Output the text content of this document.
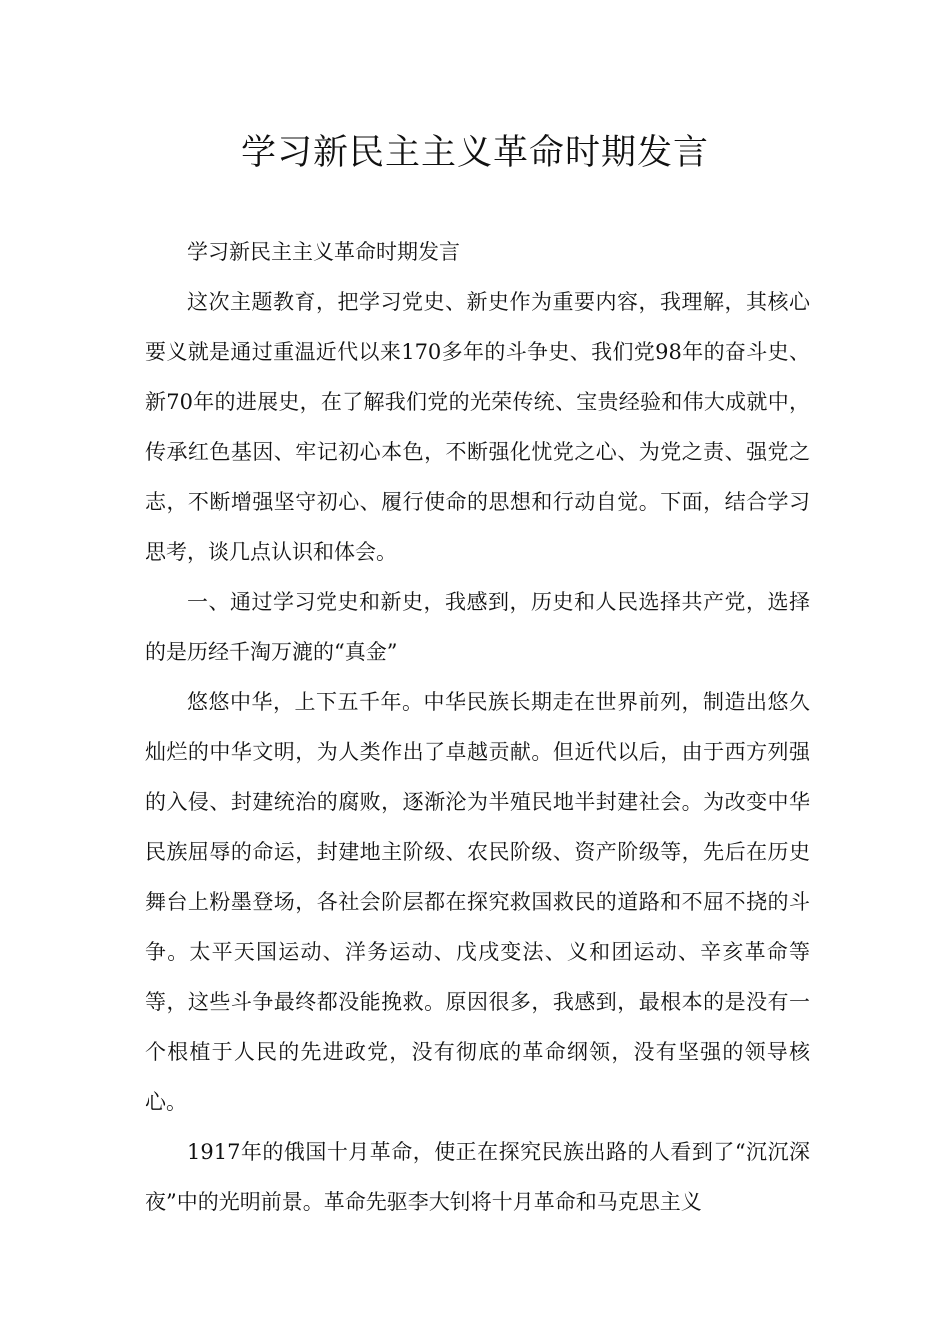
学习新民主主义革命时期发言

学习新民主主义革命时期发言

这次主题教育，把学习党史、新史作为重要内容，我理解，其核心要义就是通过重温近代以来170多年的斗争史、我们党98年的奋斗史、新70年的进展史，在了解我们党的光荣传统、宝贵经验和伟大成就中，传承红色基因、牢记初心本色，不断强化忧党之心、为党之责、强党之志，不断增强坚守初心、履行使命的思想和行动自觉。下面，结合学习思考，谈几点认识和体会。

一、通过学习党史和新史，我感到，历史和人民选择共产党，选择的是历经千淘万漉的“真金”

悠悠中华，上下五千年。中华民族长期走在世界前列，制造出悠久灿烂的中华文明，为人类作出了卓越贡献。但近代以后，由于西方列强的入侵、封建统治的腐败，逐渐沦为半殖民地半封建社会。为改变中华民族屈辱的命运，封建地主阶级、农民阶级、资产阶级等，先后在历史舞台上粉墨登场，各社会阶层都在探究救国救民的道路和不屈不挠的斗争。太平天国运动、洋务运动、戊戌变法、义和团运动、辛亥革命等等，这些斗争最终都没能挽救。原因很多，我感到，最根本的是没有一个根植于人民的先进政党，没有彻底的革命纲领，没有坚强的领导核心。

1917年的俄国十月革命，使正在探究民族出路的人看到了“沉沉深夜”中的光明前景。革命先驱李大钊将十月革命和马克思主义
